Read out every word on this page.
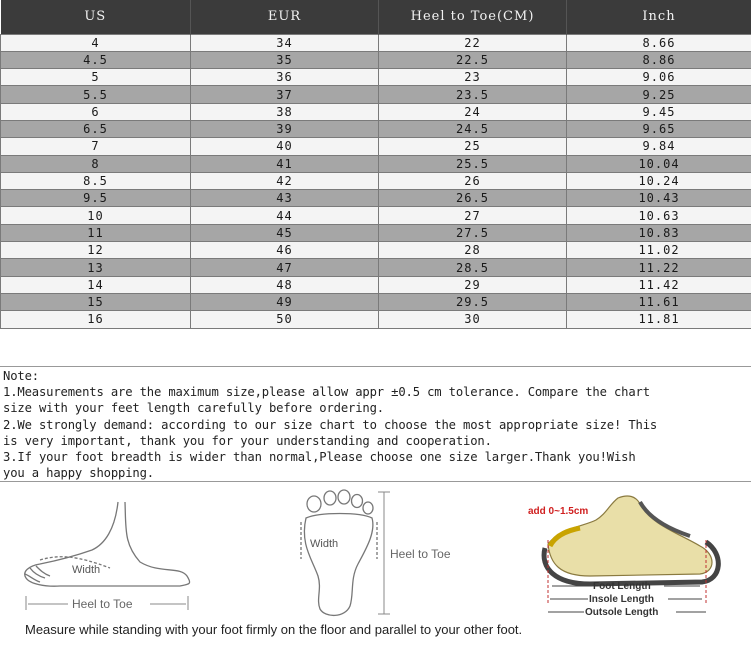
US	EUR	Heel to Toe(CM)	Inch
4	34	22	8.66
4.5	35	22.5	8.86
5	36	23	9.06
5.5	37	23.5	9.25
6	38	24	9.45
6.5	39	24.5	9.65
7	40	25	9.84
8	41	25.5	10.04
8.5	42	26	10.24
9.5	43	26.5	10.43
10	44	27	10.63
11	45	27.5	10.83
12	46	28	11.02
13	47	28.5	11.22
14	48	29	11.42
15	49	29.5	11.61
16	50	30	11.81

Note:

1.Measurements are the maximum size,please allow appr ±0.5 cm tolerance. Compare the chart

size with your feet length carefully before ordering.

2.We strongly demand: according to our size chart to choose the most appropriate size! This

is very important, thank you for your understanding and cooperation.

3.If your foot breadth is wider than normal,Please choose one size larger.Thank you!Wish

you a happy shopping.

Width
Heel to Toe
Width
Heel to Toe
add 0~1.5cm
Foot Length
Insole Length
Outsole Length
Measure while standing with your foot firmly on the floor and parallel to your other foot.
